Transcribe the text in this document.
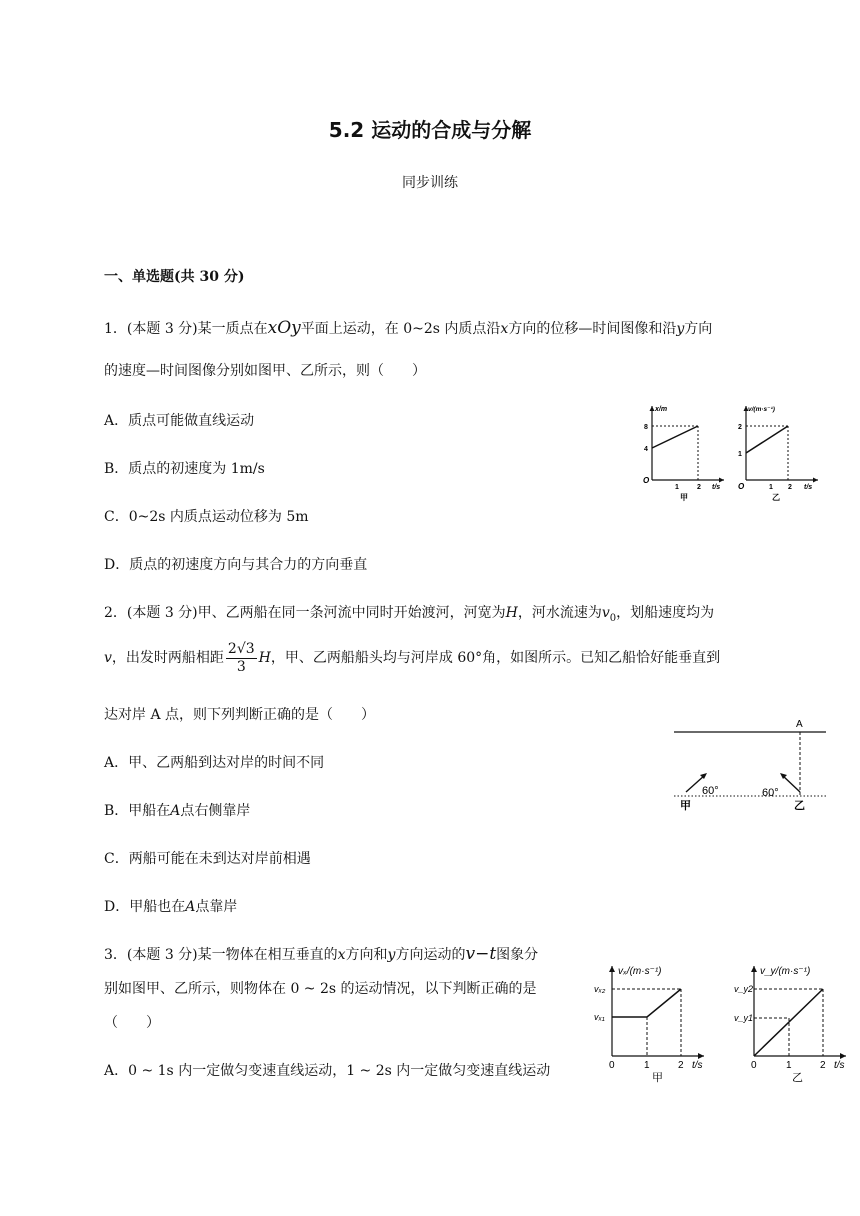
5.2 运动的合成与分解
同步训练
一、单选题(共 30 分)
1．(本题 3 分)某一质点在xOy平面上运动，在 0~2s 内质点沿x方向的位移—时间图像和沿y方向
的速度—时间图像分别如图甲、乙所示，则（　　）
A．质点可能做直线运动
B．质点的初速度为 1m/s
C．0~2s 内质点运动位移为 5m
D．质点的初速度方向与其合力的方向垂直
x/m
8
4
1	2 t/s
O
甲
v/(m·s⁻¹)
2
1
1 2 t/s
O
乙
2．(本题 3 分)甲、乙两船在同一条河流中同时开始渡河，河宽为H，河水流速为$v_0$，划船速度均为
v，出发时两船相距 $\frac{2√3}{3}$ H，甲、乙两船船头均与河岸成 60°角，如图所示。已知乙船恰好能垂直到
达对岸 A 点，则下列判断正确的是（　　）
A．甲、乙两船到达对岸的时间不同
B．甲船在A点右侧靠岸
C．两船可能在未到达对岸前相遇
D．甲船也在A点靠岸
A
60°	60°
甲	乙
3．(本题 3 分)某一物体在相互垂直的x方向和y方向运动的v−t图象分
别如图甲、乙所示，则物体在 0 ~ 2s 的运动情况，以下判断正确的是
（　　）
A．0 ~ 1s 内一定做匀变速直线运动，1 ~ 2s 内一定做匀变速直线运动
vₓ/(m·s⁻¹)
vₓ₂
vₓ₁
0	1	2 t/s
甲
v_y/(m·s⁻¹)
v_y2
v_y1
0	1	2 t/s
乙
